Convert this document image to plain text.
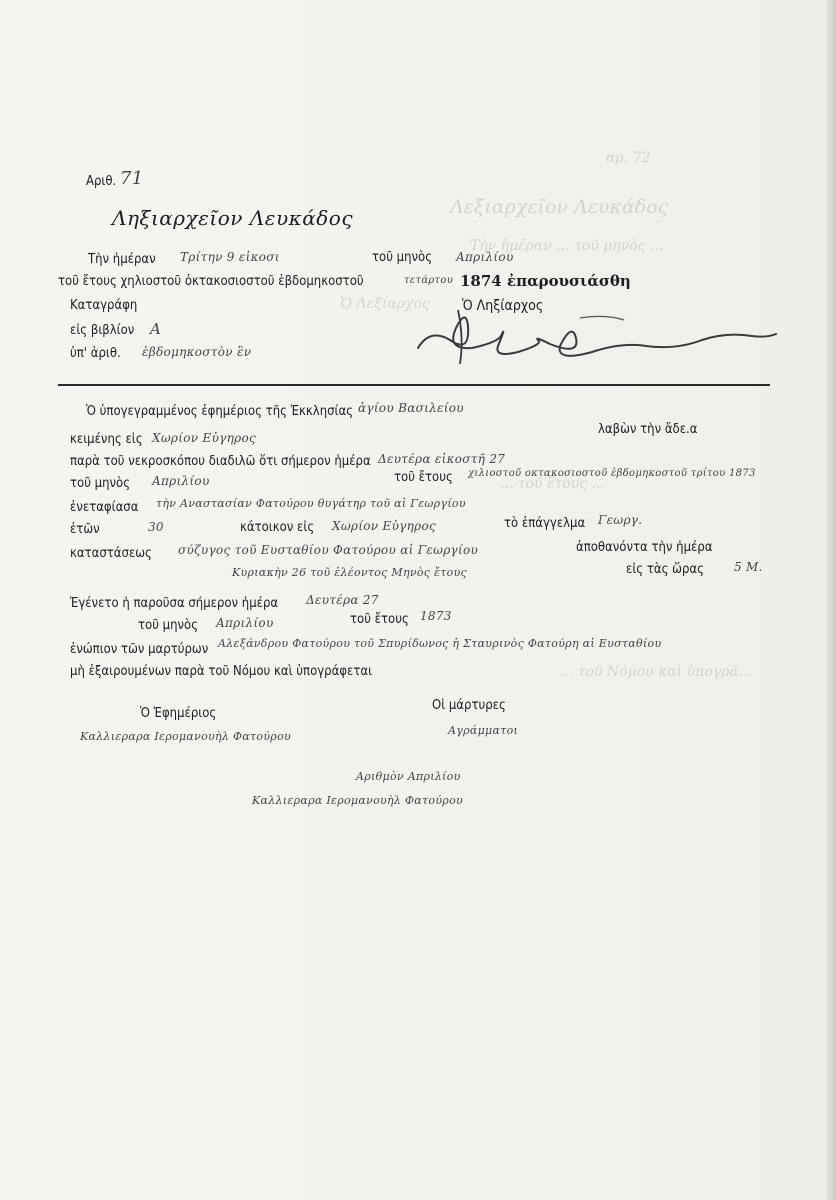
αρ. 72
Λεξιαρχεῖον Λευκάδος
Τὴν ἡμέραν ... τοῦ μηνὸς ...
Ὁ Λεξίαρχος
... τοῦ ἔτους ...
... τοῦ Νόμου καὶ ὑπογρά...
Αριθ. 71
Ληξιαρχεῖον Λευκάδος
Τὴν ἡμέραν Τρίτην 9 εἰκοσι	τοῦ μηνὸς Απριλίου
τοῦ ἔτους χηλιοστοῦ ὀκτακοσιοστοῦ ἑβδομηκοστοῦ	τετάρτου 1874 ἐπαρουσιάσθη
Καταγράφη	Ὁ Ληξίαρχος
εἰς βιβλίον Α
ὑπ' ἀριθ. ἑβδομηκοστὸν ἓν
Ὁ ὑπογεγραμμένος ἐφημέριος τῆς Ἐκκλησίας ἁγίου Βασιλείου
λαβὼν τὴν ἄδε.α
κειμένης εἰς Χωρίον Εὐγηρος
παρὰ τοῦ νεκροσκόπου διαδιλῶ ὅτι σήμερον ἡμέρα Δευτέρα εἰκοστῆ 27
τοῦ μηνὸς Απριλίου	τοῦ ἔτους χιλιοστοῦ οκτακοσιοστοῦ ἑβδομηκοστοῦ τρίτου 1873
ἐνεταφίασα τὴν Αναστασίαν Φατούρου θυγάτηρ τοῦ αἱ Γεωργίου
ἐτῶν	30	κάτοικον εἰς Χωρίον Εὐγηρος	τὸ ἐπάγγελμα Γεωργ.
καταστάσεως σύζυγος τοῦ Ευσταθίου Φατούρου αἱ Γεωργίου	ἀποθανόντα τὴν ἡμέρα
εἰς τὰς ὥρας	5 Μ.
Κυριακὴν 26 τοῦ ἐλέοντος Μηνὸς ἔτους
Ἐγένετο ἡ παροῦσα σήμερον ἡμέρα Δευτέρα 27
τοῦ μηνὸς Απριλίου	τοῦ ἔτους 1873
ἐνώπιον τῶν μαρτύρων Αλεξάνδρου Φατούρου τοῦ Σπυρίδωνος ἡ Σταυρινὸς Φατούρη αἱ Ευσταθίου
μὴ ἐξαιρουμένων παρὰ τοῦ Νόμου καὶ ὑπογράφεται
Ὁ Ἐφημέριος
Οἱ μάρτυρες
Καλλιεραρα Ιερομανουὴλ Φατούρου	Αγράμματοι
Αριθμὸν Απριλίου
Καλλιεραρα Ιερομανουὴλ Φατούρου
